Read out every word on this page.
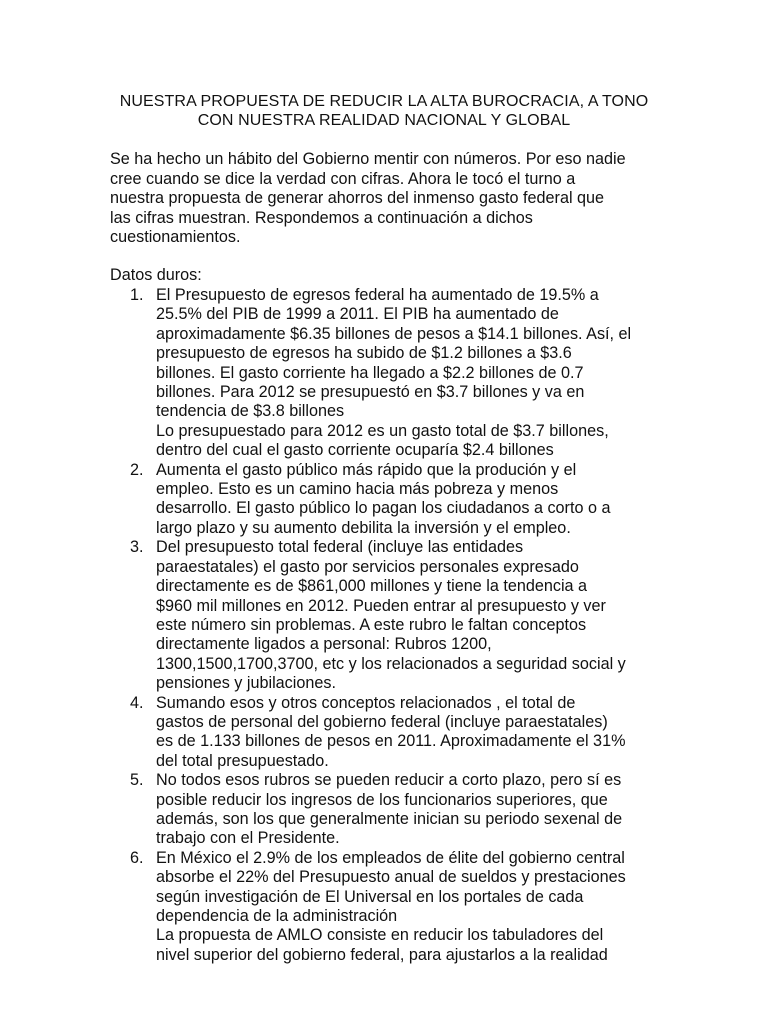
NUESTRA PROPUESTA DE REDUCIR LA ALTA BUROCRACIA, A TONO
CON NUESTRA REALIDAD NACIONAL Y GLOBAL
Se ha hecho un hábito del Gobierno mentir con números. Por eso nadie
cree cuando se dice la verdad con cifras. Ahora le tocó el turno a
nuestra propuesta de generar ahorros del inmenso gasto federal que
las cifras muestran. Respondemos a continuación a dichos
cuestionamientos.
Datos duros:
1. El Presupuesto de egresos federal ha aumentado de 19.5% a
25.5% del PIB de 1999 a 2011. El PIB ha aumentado de
aproximadamente $6.35 billones de pesos a $14.1 billones. Así, el
presupuesto de egresos ha subido de $1.2 billones a $3.6
billones. El gasto corriente ha llegado a $2.2 billones de 0.7
billones. Para 2012 se presupuestó en $3.7 billones y va en
tendencia de $3.8 billones
Lo presupuestado para 2012 es un gasto total de $3.7 billones,
dentro del cual el gasto corriente ocuparía $2.4 billones
2. Aumenta el gasto público más rápido que la produción y el
empleo. Esto es un camino hacia más pobreza y menos
desarrollo. El gasto público lo pagan los ciudadanos a corto o a
largo plazo y su aumento debilita la inversión y el empleo.
3. Del presupuesto total federal (incluye las entidades
paraestatales) el gasto por servicios personales expresado
directamente es de $861,000 millones y tiene la tendencia a
$960 mil millones en 2012. Pueden entrar al presupuesto y ver
este número sin problemas. A este rubro le faltan conceptos
directamente ligados a personal: Rubros 1200,
1300,1500,1700,3700, etc y los relacionados a seguridad social y
pensiones y jubilaciones.
4. Sumando esos y otros conceptos relacionados , el total de
gastos de personal del gobierno federal (incluye paraestatales)
es de 1.133 billones de pesos en 2011. Aproximadamente el 31%
del total presupuestado.
5. No todos esos rubros se pueden reducir a corto plazo, pero sí es
posible reducir los ingresos de los funcionarios superiores, que
además, son los que generalmente inician su periodo sexenal de
trabajo con el Presidente.
6. En México el 2.9% de los empleados de élite del gobierno central
absorbe el 22% del Presupuesto anual de sueldos y prestaciones
según investigación de El Universal en los portales de cada
dependencia de la administración
La propuesta de AMLO consiste en reducir los tabuladores del
nivel superior del gobierno federal, para ajustarlos a la realidad
